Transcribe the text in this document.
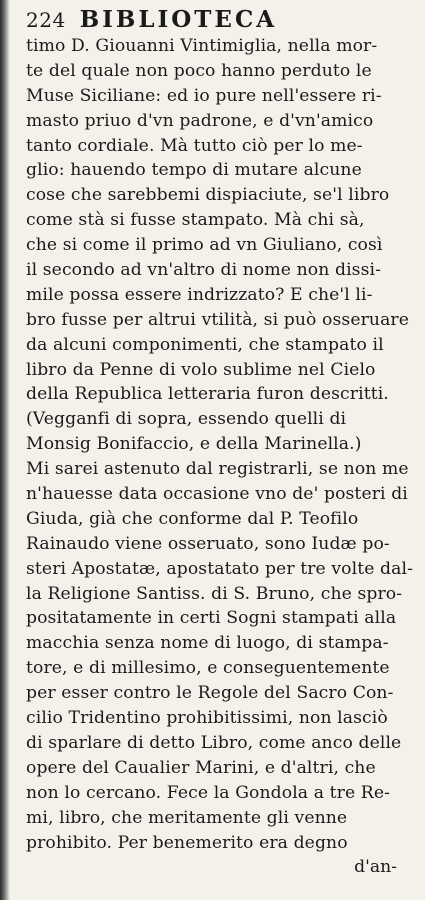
224 BIBLIOTECA
timo D. Giouanni Vintimiglia, nella mor-
te del quale non poco hanno perduto le
Muse Siciliane: ed io pure nell'essere ri-
masto priuo d'vn padrone, e d'vn'amico
tanto cordiale. Mà tutto ciò per lo me-
glio: hauendo tempo di mutare alcune
cose che sarebbemi dispiaciute, se'l libro
come stà si fusse stampato. Mà chi sà,
che si come il primo ad vn Giuliano, così
il secondo ad vn'altro di nome non dissi-
mile possa essere indrizzato? E che'l li-
bro fusse per altrui vtilità, si può osseruare
da alcuni componimenti, che stampato il
libro da Penne di volo sublime nel Cielo
della Republica letteraria furon descritti.
(Vegganfi di sopra, essendo quelli di
Monsig Bonifaccio, e della Marinella.)
Mi sarei astenuto dal registrarli, se non me
n'hauesse data occasione vno de' posteri di
Giuda, già che conforme dal P. Teofilo
Rainaudo viene osseruato, sono Iudæ po-
steri Apostatæ, apostatato per tre volte dal-
la Religione Santiss. di S. Bruno, che spro-
positatamente in certi Sogni stampati alla
macchia senza nome di luogo, di stampa-
tore, e di millesimo, e conseguentemente
per esser contro le Regole del Sacro Con-
cilio Tridentino prohibitissimi, non lasciò
di sparlare di detto Libro, come anco delle
opere del Caualier Marini, e d'altri, che
non lo cercano. Fece la Gondola a tre Re-
mi, libro, che meritamente gli venne
prohibito. Per benemerito era degno
d'an-
